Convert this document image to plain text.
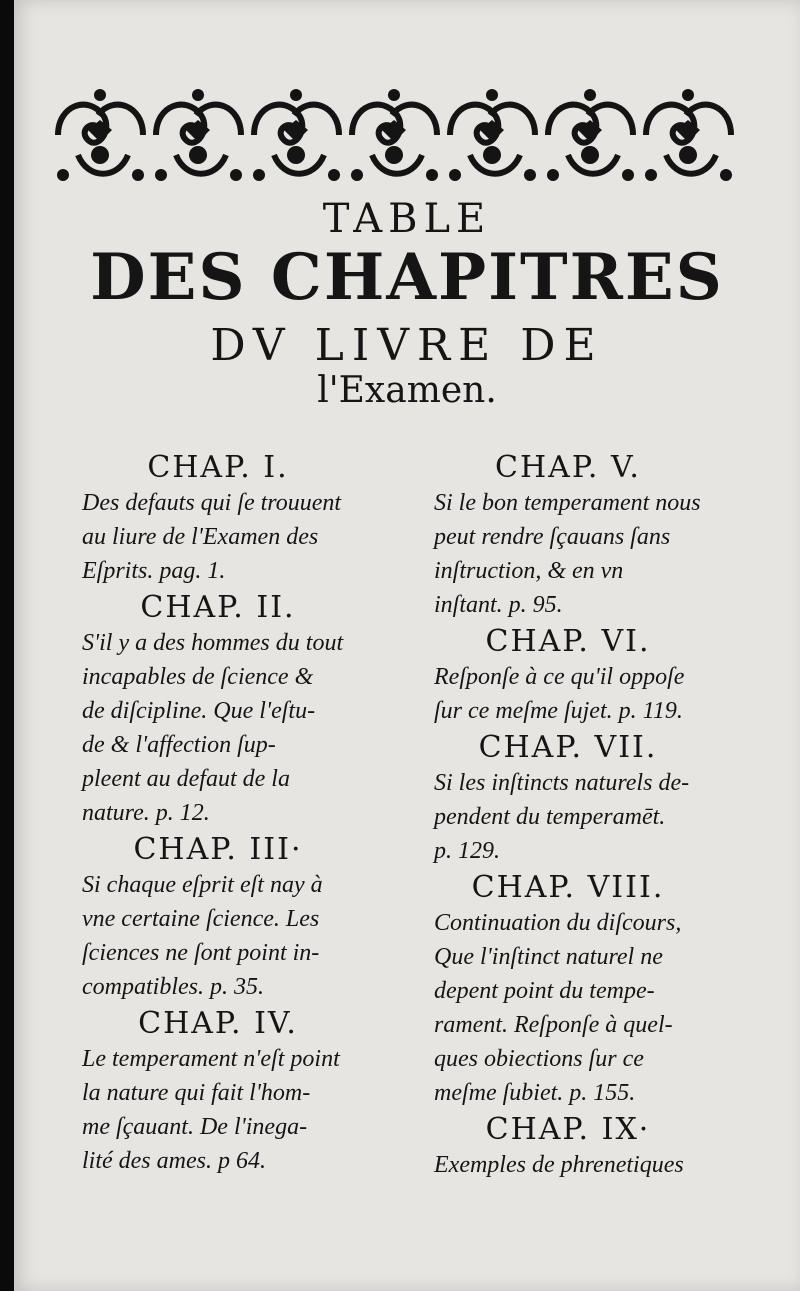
TABLE
DES CHAPITRES
DV LIVRE DE
l'Examen.

CHAP. I.

Des defauts qui ſe trouuent
au liure de l'Examen des
Eſprits. pag. 1.

CHAP. II.

S'il y a des hommes du tout
incapables de ſcience &
de diſcipline. Que l'eſtu-
de & l'affection ſup-
pleent au defaut de la
nature. p. 12.

CHAP. III·

Si chaque eſprit eſt nay à
vne certaine ſcience. Les
ſciences ne ſont point in-
compatibles. p. 35.

CHAP. IV.

Le temperament n'eſt point
la nature qui fait l'hom-
me ſçauant. De l'inega-
lité des ames. p 64.

CHAP. V.

Si le bon temperament nous
peut rendre ſçauans ſans
inſtruction, & en vn
inſtant. p. 95.

CHAP. VI.

Reſponſe à ce qu'il oppoſe
ſur ce meſme ſujet. p. 119.

CHAP. VII.

Si les inſtincts naturels de-
pendent du temperamēt.
p. 129.

CHAP. VIII.

Continuation du diſcours,
Que l'inſtinct naturel ne
depent point du tempe-
rament. Reſponſe à quel-
ques obiections ſur ce
meſme ſubiet. p. 155.

CHAP. IX·

Exemples de phrenetiques
